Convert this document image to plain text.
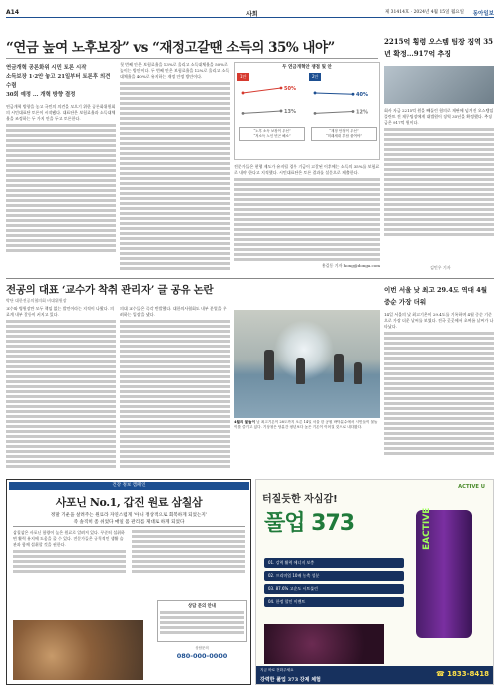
A14	사회	제 31414호 · 2024년 4월 15일 월요일 동아일보
“연금 높여 노후보장” vs “재정고갈땐 소득의 35% 내야”
연금개혁 공론화위 시민 토론 시작
소득보장 1·2안 놓고 21일부터 토론후 의견 수렴
30회 예정 ... 개혁 방향 결정

연금개혁 방향을 놓고 국민의 의견을 모으기 위한 공론화위원회의 시민대표단 토론이 시작됐다. 대표단은 보험료율과 소득대체율을 조정하는 두 가지 안을 두고 토론한다.

첫 번째 안은 보험료율을 13%로 올리고 소득대체율을 50%로 높이는 방안이다. 두 번째 안은 보험료율을 12%로 올리고 소득대체율을 40%로 유지하는 재정 안정 방안이다.

두 연금개혁안 쟁점 및 안
1안
50%
13%
“노후 소득 보장이 우선”
“저소득 노인 빈곤 해소”
2안
40%
12%
“재정 안정이 우선”
“미래세대 부담 줄여야”

전문가들은 현행 제도가 유지될 경우 기금이 고갈된 이후에는 소득의 35%를 보험료로 내야 한다고 지적했다. 시민대표단은 토론 결과를 설문으로 제출한다.

홍길동 기자 hong@donga.com

2215억 횡령 오스템 팀장 징역 35년 확정…917억 추징

회사 자금 2215억 원을 빼돌린 혐의로 재판에 넘겨진 오스템임플란트 전 재무팀장에게 대법원이 징역 35년을 확정했다. 추징금은 917억 원이다.

김민우 기자
전공의 대표 ‘교수가 착취 관리자’ 글 공유 논란
박단 대한전공의협의회 비대위원장

교수와 병원장만 모두 책임 없는 발언이라는 지적이 나왔다. 의료계 내부 갈등이 커지고 있다.

의대 교수들은 즉각 반발했다. 대한의사협회도 내부 분열을 우려하는 입장을 냈다.

4월의 물놀이 낮 최고기온이 28도까지 오른 14일 서울 한 공원 바닥분수에서 시민들이 물놀이를 즐기고 있다. 기상청은 당분간 평년보다 높은 기온이 이어질 것으로 내다봤다.
이번 서울 낮 최고 29.4도 역대 4월 중순 가장 더워

14일 서울의 낮 최고기온이 29.4도를 기록하며 4월 중순 기준으로 가장 더운 날씨를 보였다. 전국 곳곳에서 초여름 날씨가 나타났다.

건강 정보 캠페인
사포닌 No.1, 갑진 원료 삼칠삼
정말 기운을 살려주는 원료라 자연스럽게 '아니 정상적으로 회복하게 되었는지'
즉 솔직히 좀 쉬었다 매일 몸 관리를 제대로 하게 되었다

삼칠삼은 사포닌 함량이 높은 원료로 알려져 있다. 꾸준히 섭취하면 활력 유지에 도움을 줄 수 있다. 전문가들은 규칙적인 생활 습관과 함께 섭취할 것을 권한다.

상담 문의 안내
상담문의
080-000-0000
ACTIVE U
터질듯한 자심감!
풀업 373
01. 강력 활력 에너지 보충
02. 프리미엄 10배 농축 성분
03. 87.6% 고순도 시트룰린
04. 한정 할인 이벤트
EACTIVE
지금 바로 전화주세요
강력한 풀업 373 강제 체험
☎ 1833-8418
